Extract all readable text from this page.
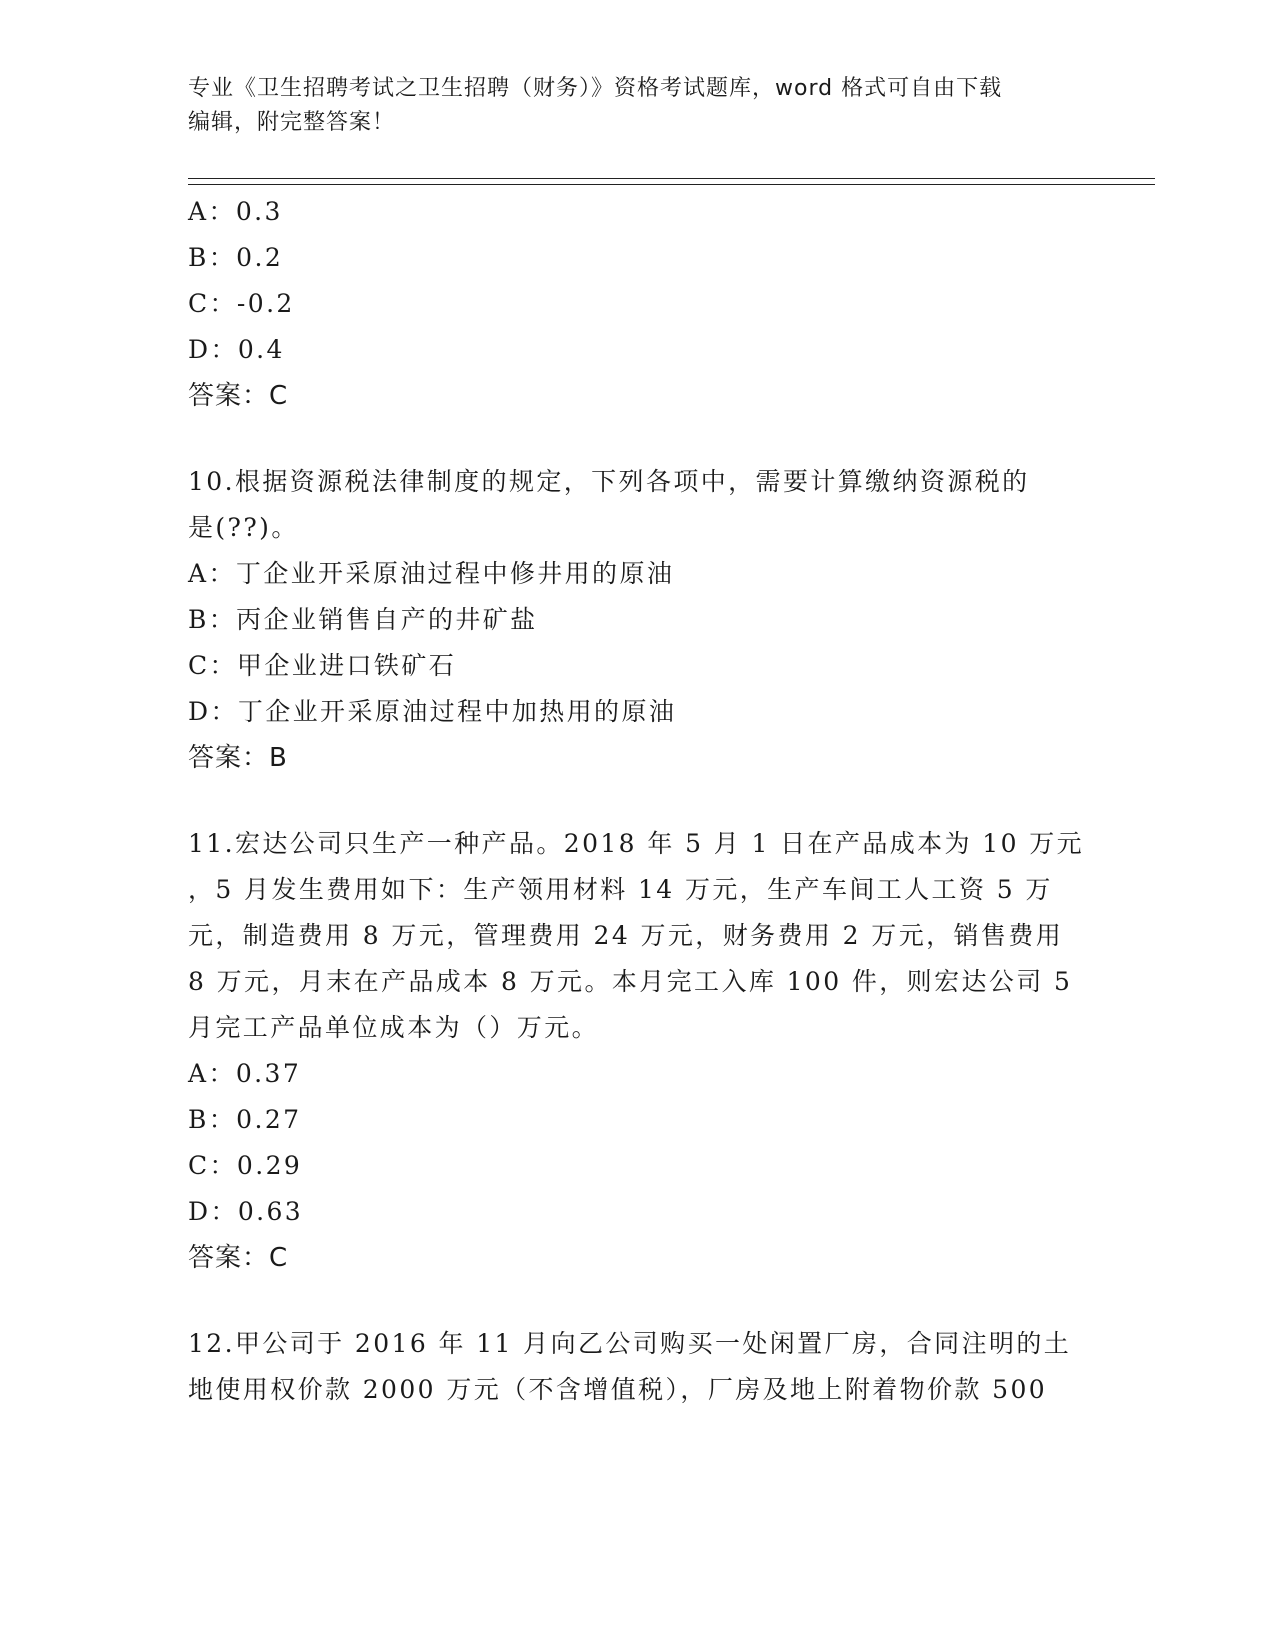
专业《卫生招聘考试之卫生招聘（财务）》资格考试题库，word 格式可自由下载
编辑，附完整答案！
A：0.3
B：0.2
C：-0.2
D：0.4
答案：C
10.根据资源税法律制度的规定，下列各项中，需要计算缴纳资源税的
是(??)。
A：丁企业开采原油过程中修井用的原油
B：丙企业销售自产的井矿盐
C：甲企业进口铁矿石
D：丁企业开采原油过程中加热用的原油
答案：B
11.宏达公司只生产一种产品。2018 年 5 月 1 日在产品成本为 10 万元
，5 月发生费用如下：生产领用材料 14 万元，生产车间工人工资 5 万
元，制造费用 8 万元，管理费用 24 万元，财务费用 2 万元，销售费用
8 万元，月末在产品成本 8 万元。本月完工入库 100 件，则宏达公司 5
月完工产品单位成本为（）万元。
A：0.37
B：0.27
C：0.29
D：0.63
答案：C
12.甲公司于 2016 年 11 月向乙公司购买一处闲置厂房，合同注明的土
地使用权价款 2000 万元（不含增值税），厂房及地上附着物价款 500
